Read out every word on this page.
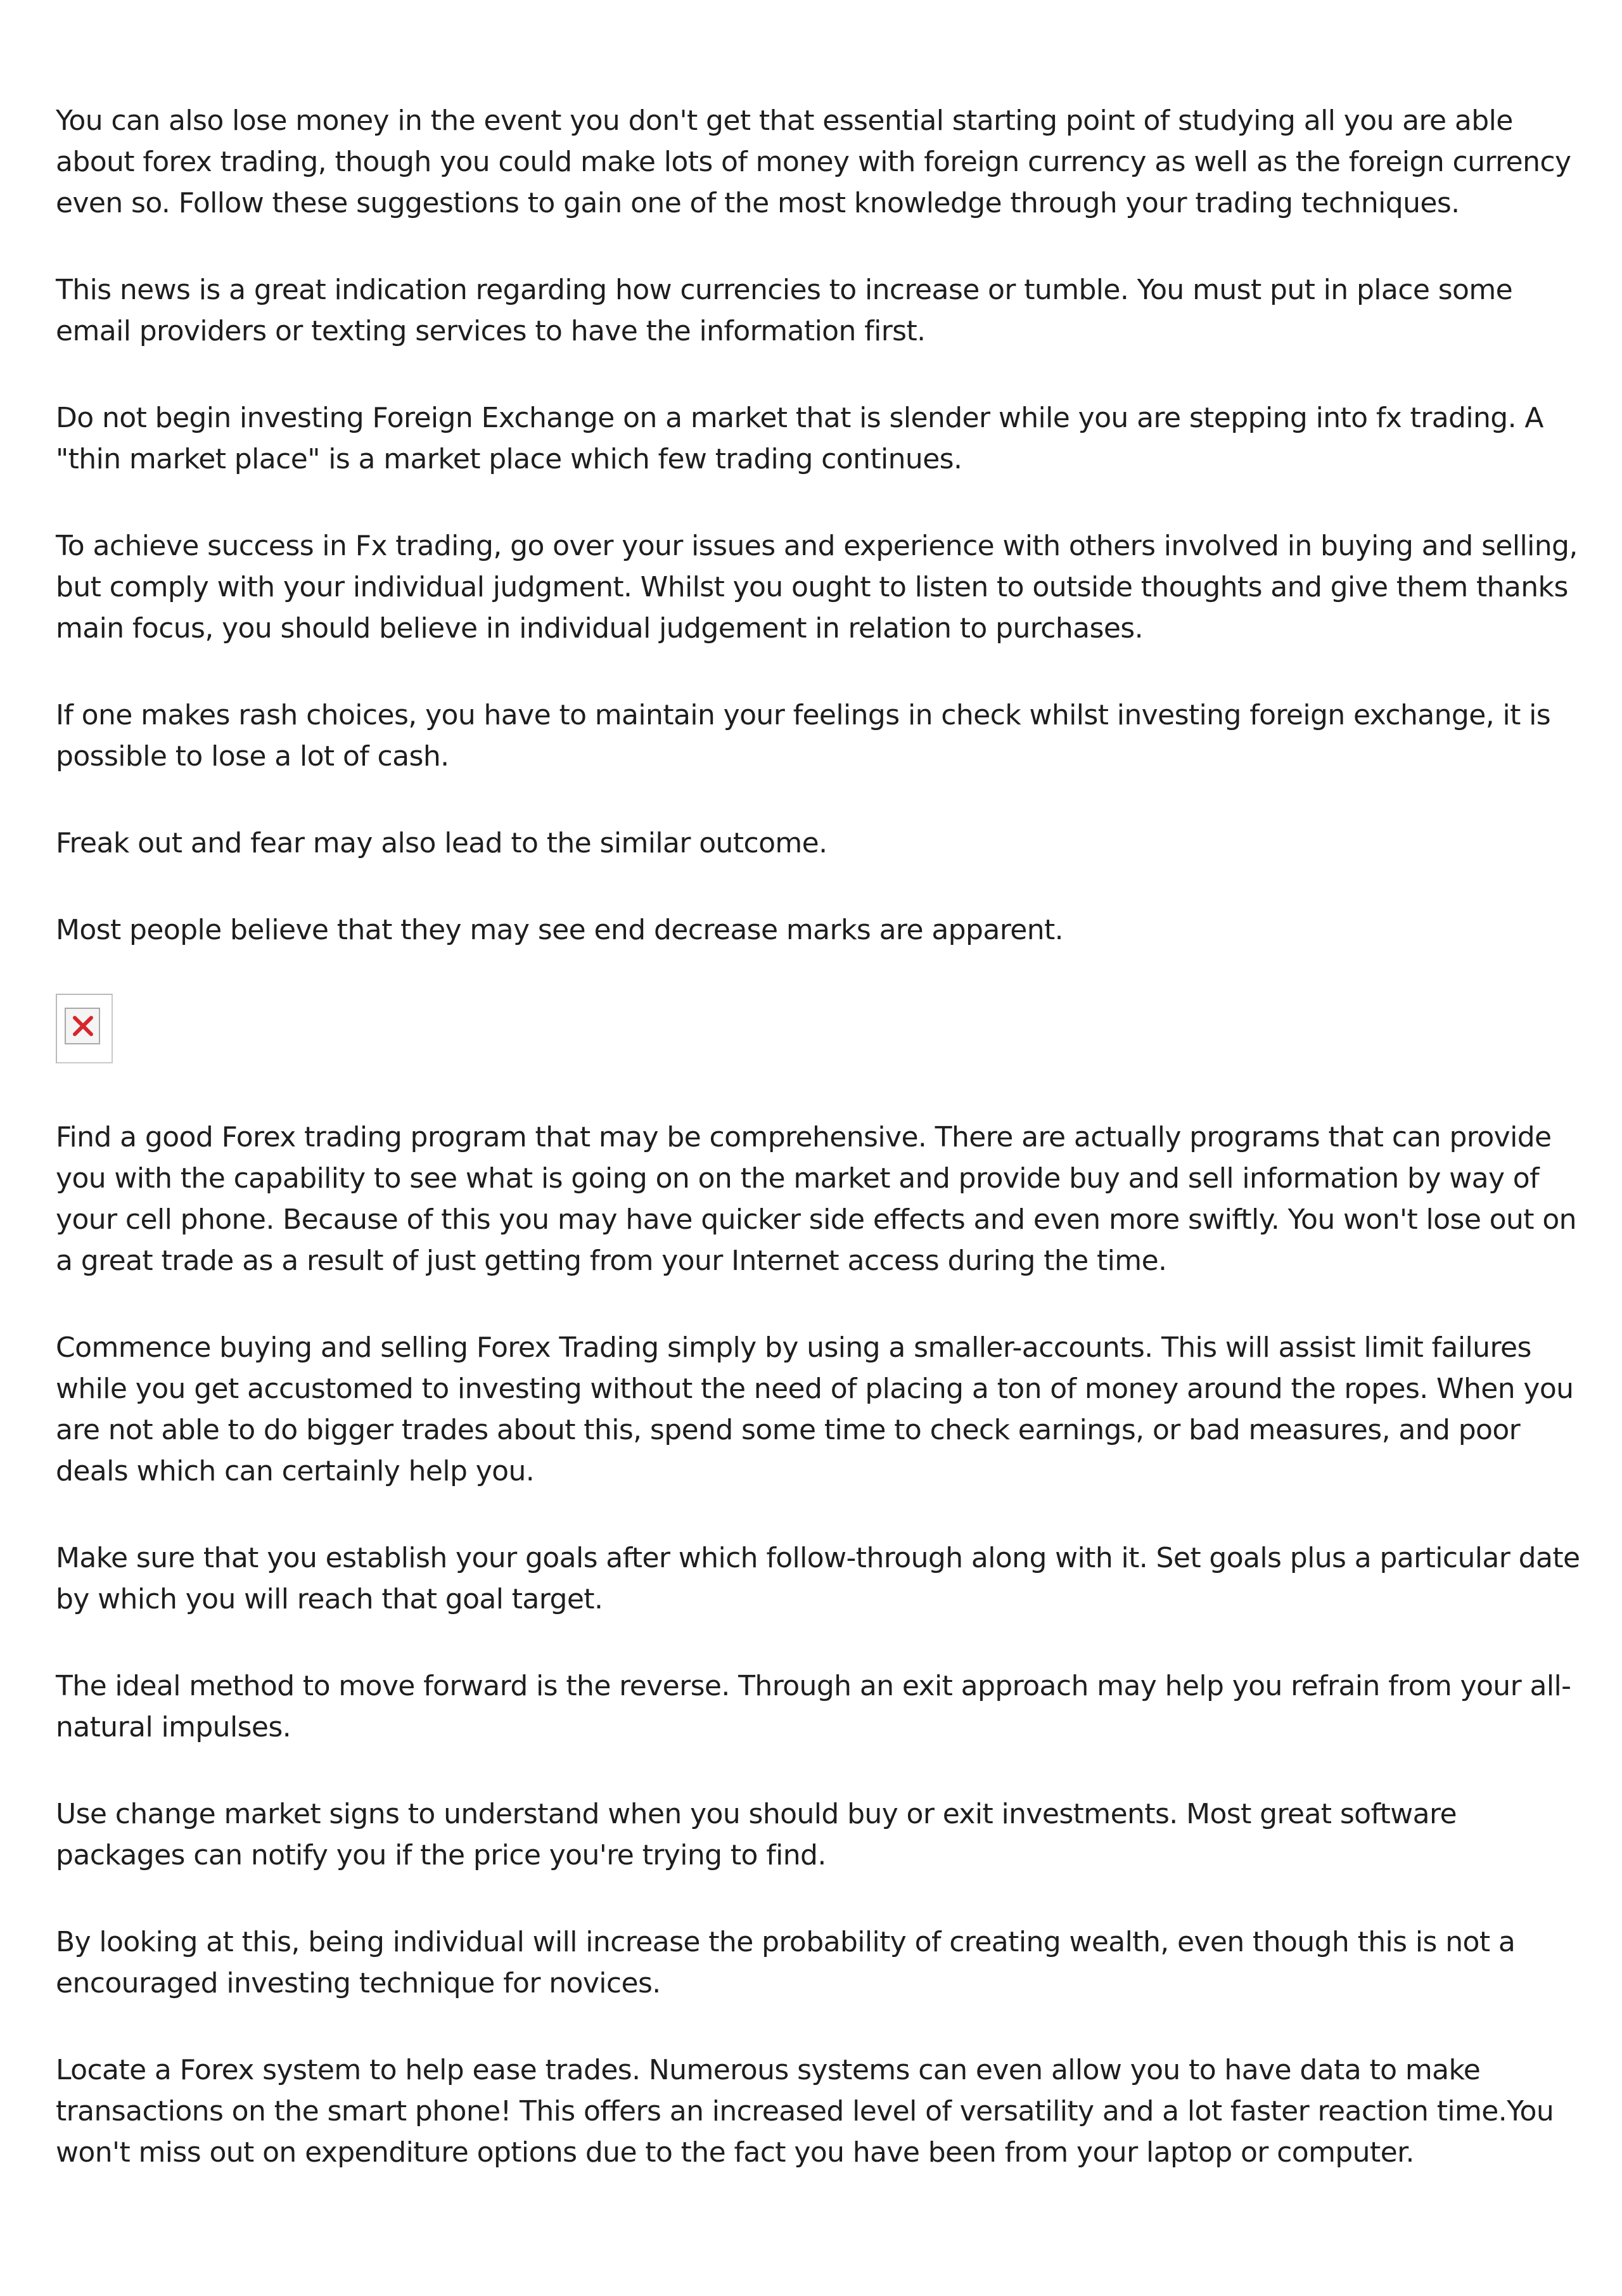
You can also lose money in the event you don't get that essential starting point of studying all you are able about forex trading, though you could make lots of money with foreign currency as well as the foreign currency even so. Follow these suggestions to gain one of the most knowledge through your trading techniques.

This news is a great indication regarding how currencies to increase or tumble. You must put in place some email providers or texting services to have the information first.

Do not begin investing Foreign Exchange on a market that is slender while you are stepping into fx trading. A "thin market place" is a market place which few trading continues.

To achieve success in Fx trading, go over your issues and experience with others involved in buying and selling, but comply with your individual judgment. Whilst you ought to listen to outside thoughts and give them thanks main focus, you should believe in individual judgement in relation to purchases.

If one makes rash choices, you have to maintain your feelings in check whilst investing foreign exchange, it is possible to lose a lot of cash.

Freak out and fear may also lead to the similar outcome.

Most people believe that they may see end decrease marks are apparent.

Find a good Forex trading program that may be comprehensive. There are actually programs that can provide you with the capability to see what is going on on the market and provide buy and sell information by way of your cell phone. Because of this you may have quicker side effects and even more swiftly. You won't lose out on a great trade as a result of just getting from your Internet access during the time.

Commence buying and selling Forex Trading simply by using a smaller-accounts. This will assist limit failures while you get accustomed to investing without the need of placing a ton of money around the ropes. When you are not able to do bigger trades about this, spend some time to check earnings, or bad measures, and poor deals which can certainly help you.

Make sure that you establish your goals after which follow-through along with it. Set goals plus a particular date by which you will reach that goal target.

The ideal method to move forward is the reverse. Through an exit approach may help you refrain from your all-natural impulses.

Use change market signs to understand when you should buy or exit investments. Most great software packages can notify you if the price you're trying to find.

By looking at this, being individual will increase the probability of creating wealth, even though this is not a encouraged investing technique for novices.

Locate a Forex system to help ease trades. Numerous systems can even allow you to have data to make transactions on the smart phone! This offers an increased level of versatility and a lot faster reaction time.You won't miss out on expenditure options due to the fact you have been from your laptop or computer.
